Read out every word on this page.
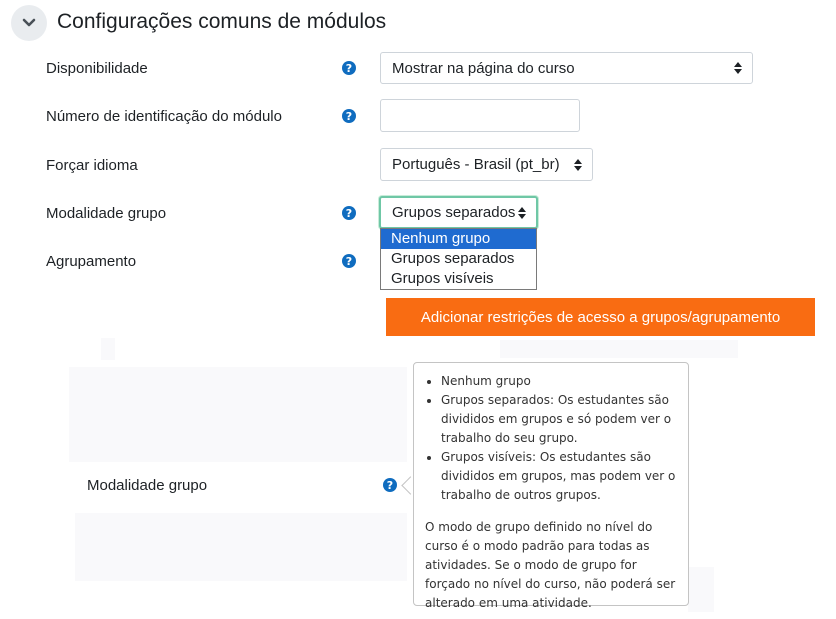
Configurações comuns de módulos
Disponibilidade	?	Mostrar na página do curso
Número de identificação do módulo	?
Forçar idioma	Português - Brasil (pt_br)
Modalidade grupo	?	Grupos separados
Agrupamento	?
Adicionar restrições de acesso a grupos/agrupamento
Nenhum grupo
Grupos separados
Grupos visíveis
Modalidade grupo	?
• Nenhum grupo
• Grupos separados: Os estudantes são divididos em grupos e só podem ver o trabalho do seu grupo.
• Grupos visíveis: Os estudantes são divididos em grupos, mas podem ver o trabalho de outros grupos.

O modo de grupo definido no nível do curso é o modo padrão para todas as atividades. Se o modo de grupo for forçado no nível do curso, não poderá ser alterado em uma atividade.
